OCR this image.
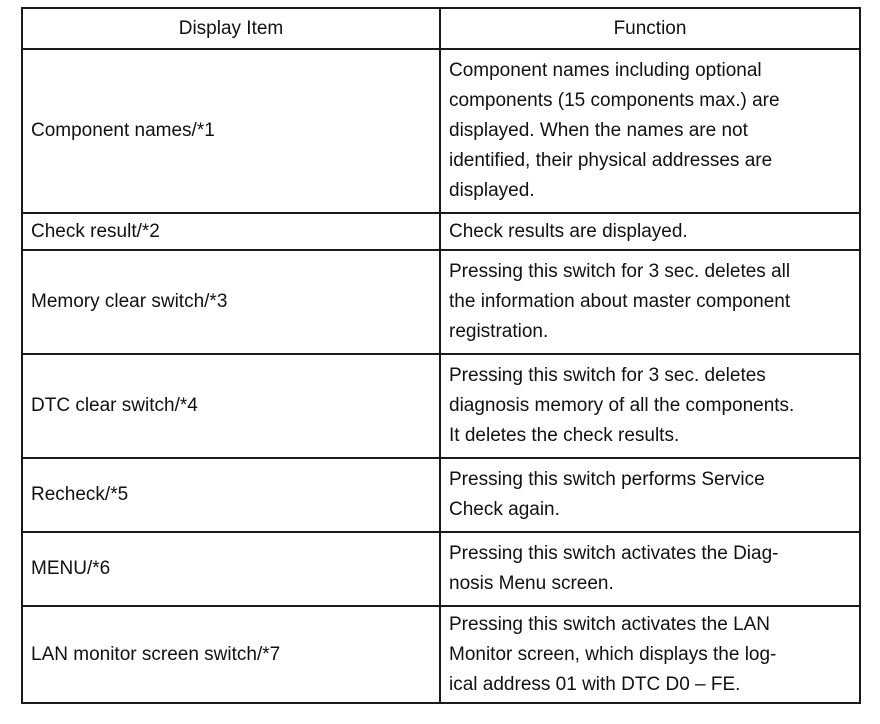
Display Item	Function
Component names/*1	Component names including optional
components (15 components max.) are
displayed. When the names are not
identified, their physical addresses are
displayed.

Check result/*2	Check results are displayed.

Memory clear switch/*3	Pressing this switch for 3 sec. deletes all
the information about master component
registration.

DTC clear switch/*4	Pressing this switch for 3 sec. deletes
diagnosis memory of all the components.
It deletes the check results.

Recheck/*5	Pressing this switch performs Service
Check again.

MENU/*6	Pressing this switch activates the Diag-
nosis Menu screen.

LAN monitor screen switch/*7	Pressing this switch activates the LAN
Monitor screen, which displays the log-
ical address 01 with DTC D0 – FE.
